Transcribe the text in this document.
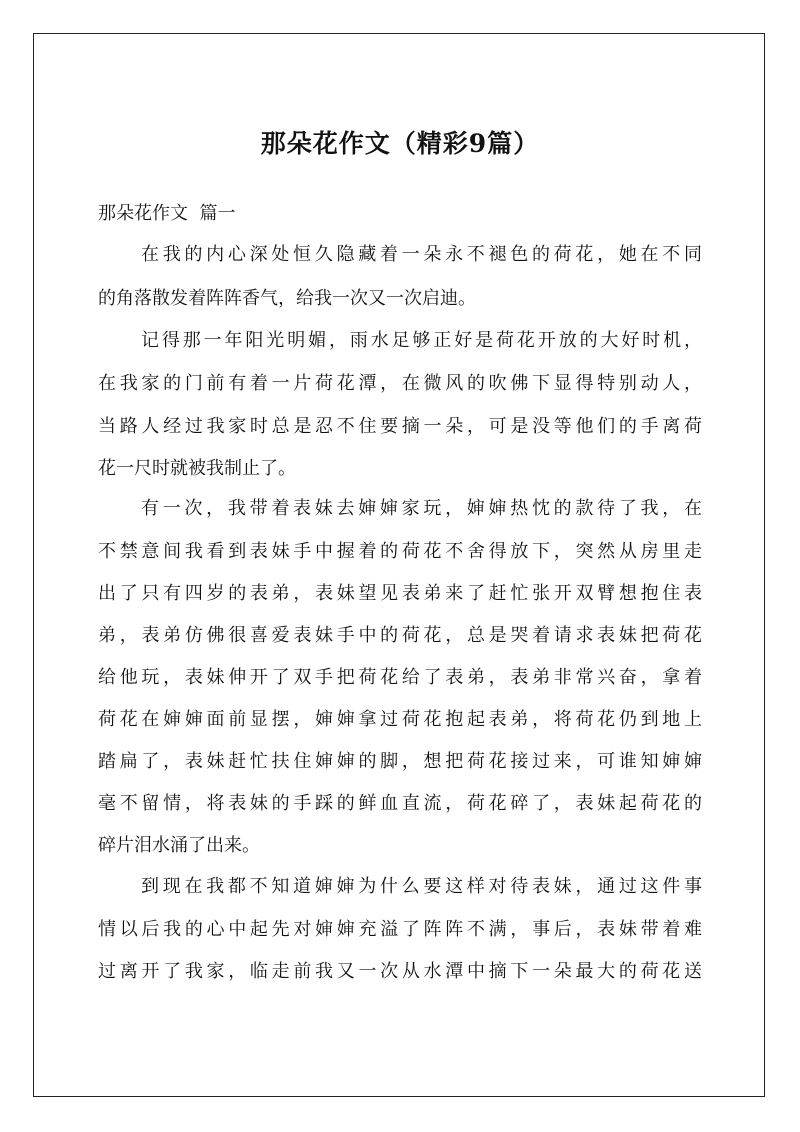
那朵花作文（精彩9篇）
那朵花作文  篇一
在我的内心深处恒久隐藏着一朵永不褪色的荷花，她在不同
的角落散发着阵阵香气，给我一次又一次启迪。
记得那一年阳光明媚，雨水足够正好是荷花开放的大好时机，
在我家的门前有着一片荷花潭，在微风的吹佛下显得特别动人，
当路人经过我家时总是忍不住要摘一朵，可是没等他们的手离荷
花一尺时就被我制止了。
有一次，我带着表妹去婶婶家玩，婶婶热忱的款待了我，在
不禁意间我看到表妹手中握着的荷花不舍得放下，突然从房里走
出了只有四岁的表弟，表妹望见表弟来了赶忙张开双臂想抱住表
弟，表弟仿佛很喜爱表妹手中的荷花，总是哭着请求表妹把荷花
给他玩，表妹伸开了双手把荷花给了表弟，表弟非常兴奋，拿着
荷花在婶婶面前显摆，婶婶拿过荷花抱起表弟，将荷花仍到地上
踏扁了，表妹赶忙扶住婶婶的脚，想把荷花接过来，可谁知婶婶
毫不留情，将表妹的手踩的鲜血直流，荷花碎了，表妹起荷花的
碎片泪水涌了出来。
到现在我都不知道婶婶为什么要这样对待表妹，通过这件事
情以后我的心中起先对婶婶充溢了阵阵不满，事后，表妹带着难
过离开了我家，临走前我又一次从水潭中摘下一朵最大的荷花送
